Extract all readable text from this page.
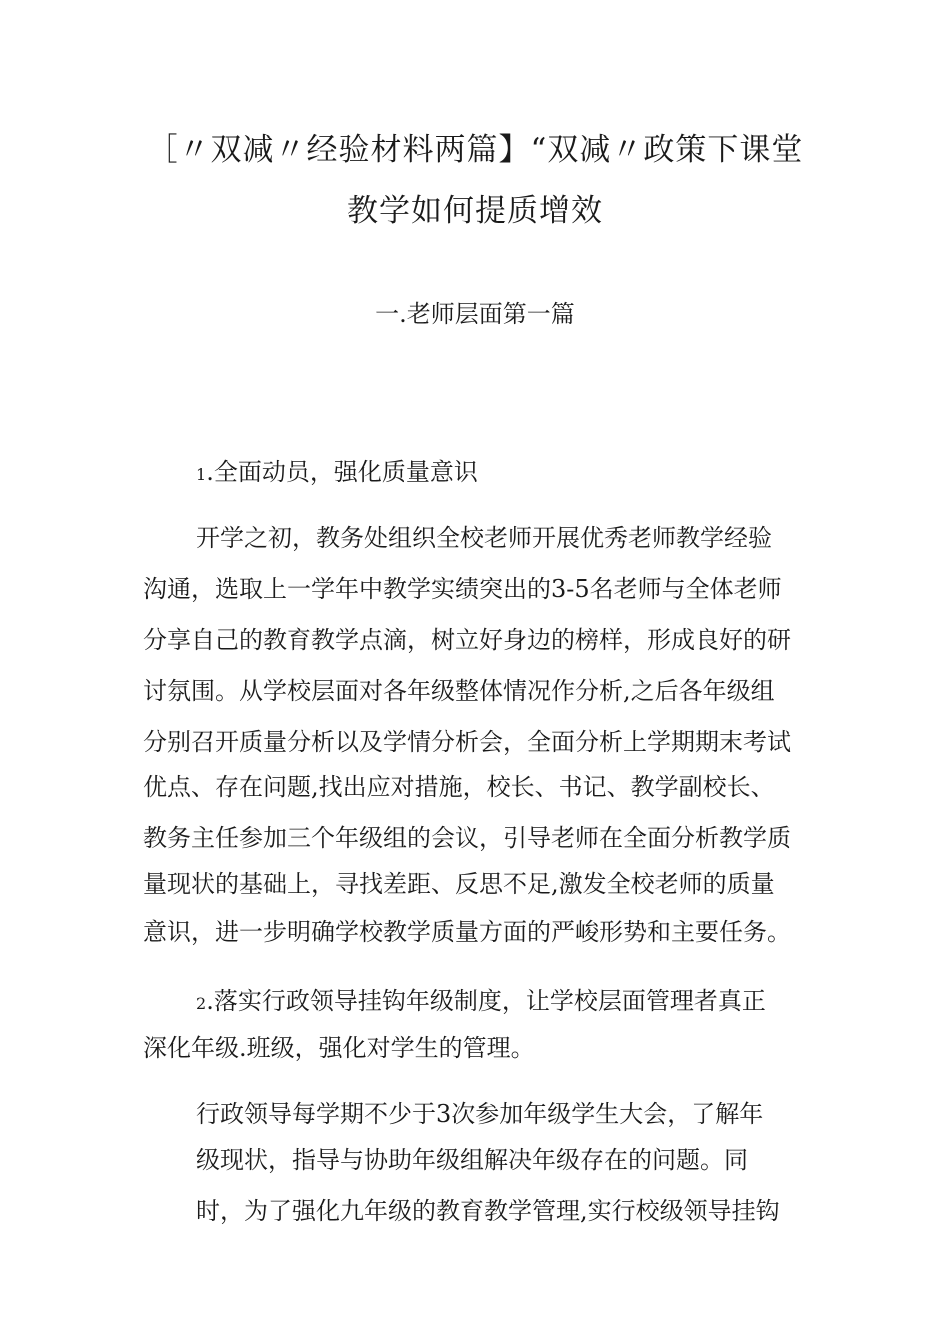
［〃双减〃经验材料两篇】“双减〃政策下课堂
教学如何提质增效
一.老师层面第一篇
1.全面动员，强化质量意识
开学之初，教务处组织全校老师开展优秀老师教学经验
沟通，选取上一学年中教学实绩突出的3-5名老师与全体老师
分享自己的教育教学点滴，树立好身边的榜样，形成良好的研
讨氛围。从学校层面对各年级整体情况作分析,之后各年级组
分别召开质量分析以及学情分析会，全面分析上学期期末考试
优点、存在问题,找出应对措施，校长、书记、教学副校长、
教务主任参加三个年级组的会议，引导老师在全面分析教学质
量现状的基础上，寻找差距、反思不足,激发全校老师的质量
意识，进一步明确学校教学质量方面的严峻形势和主要任务。
2.落实行政领导挂钩年级制度，让学校层面管理者真正
深化年级.班级，强化对学生的管理。
行政领导每学期不少于3次参加年级学生大会，了解年
级现状，指导与协助年级组解决年级存在的问题。同
时，为了强化九年级的教育教学管理,实行校级领导挂钩
